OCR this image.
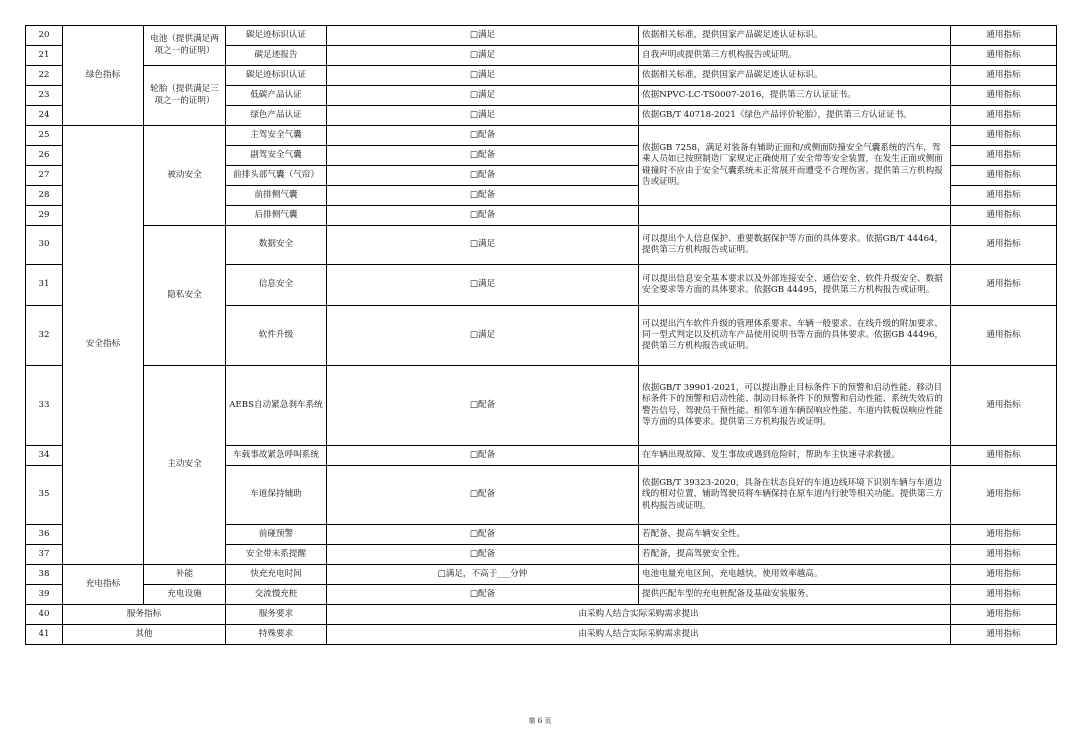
20	绿色指标	电池（提供满足两项之一的证明）	碳足迹标识认证	□满足	依据相关标准，提供国家产品碳足迹认证标识。	通用指标
21			碳足迹报告	□满足	自我声明或提供第三方机构报告或证明。	通用指标
22		轮胎（提供满足三项之一的证明）	碳足迹标识认证	□满足	依据相关标准，提供国家产品碳足迹认证标识。	通用指标
23			低碳产品认证	□满足	依据NPVC-LC-TS0007-2016，提供第三方认证证书。	通用指标
24			绿色产品认证	□满足	依据GB/T 40718-2021《绿色产品评价轮胎》，提供第三方认证证书。	通用指标
25	安全指标	被动安全	主驾安全气囊	□配备	依据GB 7258，满足对装备有辅助正面和/或侧面防撞安全气囊系统的汽车，驾乘人员如已按照制造厂家规定正确使用了安全带等安全装置，在发生正面或侧面碰撞时不应由于安全气囊系统未正常展开而遭受不合理伤害。提供第三方机构报告或证明。	通用指标
26			副驾安全气囊	□配备		通用指标
27			前排头部气囊（气帘）	□配备		通用指标
28			前排侧气囊	□配备		通用指标
29			后排侧气囊	□配备		通用指标
30		隐私安全	数据安全	□满足	可以提出个人信息保护、重要数据保护等方面的具体要求。依据GB/T 44464，提供第三方机构报告或证明。	通用指标
31			信息安全	□满足	可以提出信息安全基本要求以及外部连接安全、通信安全、软件升级安全、数据安全要求等方面的具体要求。依据GB 44495，提供第三方机构报告或证明。	通用指标
32			软件升级	□满足	可以提出汽车软件升级的管理体系要求、车辆一般要求、在线升级的附加要求、同一型式判定以及机动车产品使用说明书等方面的具体要求。依据GB 44496，提供第三方机构报告或证明。	通用指标
33		主动安全	AEBS自动紧急刹车系统	□配备	依据GB/T 39901-2021，可以提出静止目标条件下的预警和启动性能、移动目标条件下的预警和启动性能、制动目标条件下的预警和启动性能、系统失效后的警告信号、驾驶员干预性能、相邻车道车辆误响应性能、车道内铁板误响应性能等方面的具体要求。提供第三方机构报告或证明。	通用指标
34			车载事故紧急呼叫系统	□配备	在车辆出现故障、发生事故或遇到危险时，帮助车主快速寻求救援。	通用指标
35			车道保持辅助	□配备	依据GB/T 39323-2020，具备在状态良好的车道边线环境下识别车辆与车道边线的相对位置，辅助驾驶员将车辆保持在原车道内行驶等相关功能。提供第三方机构报告或证明。	通用指标
36			前碰预警	□配备	若配备，提高车辆安全性。	通用指标
37			安全带未系提醒	□配备	若配备，提高驾驶安全性。	通用指标
38	充电指标	补能	快充充电时间	□满足，不高于___分钟	电池电量充电区间，充电越快，使用效率越高。	通用指标
39		充电设施	交流慢充桩	□配备	提供匹配车型的充电桩配备及基础安装服务。	通用指标
40	服务指标		服务要求	由采购人结合实际采购需求提出		通用指标
41	其他		特殊要求	由采购人结合实际采购需求提出		通用指标
第 6 页
